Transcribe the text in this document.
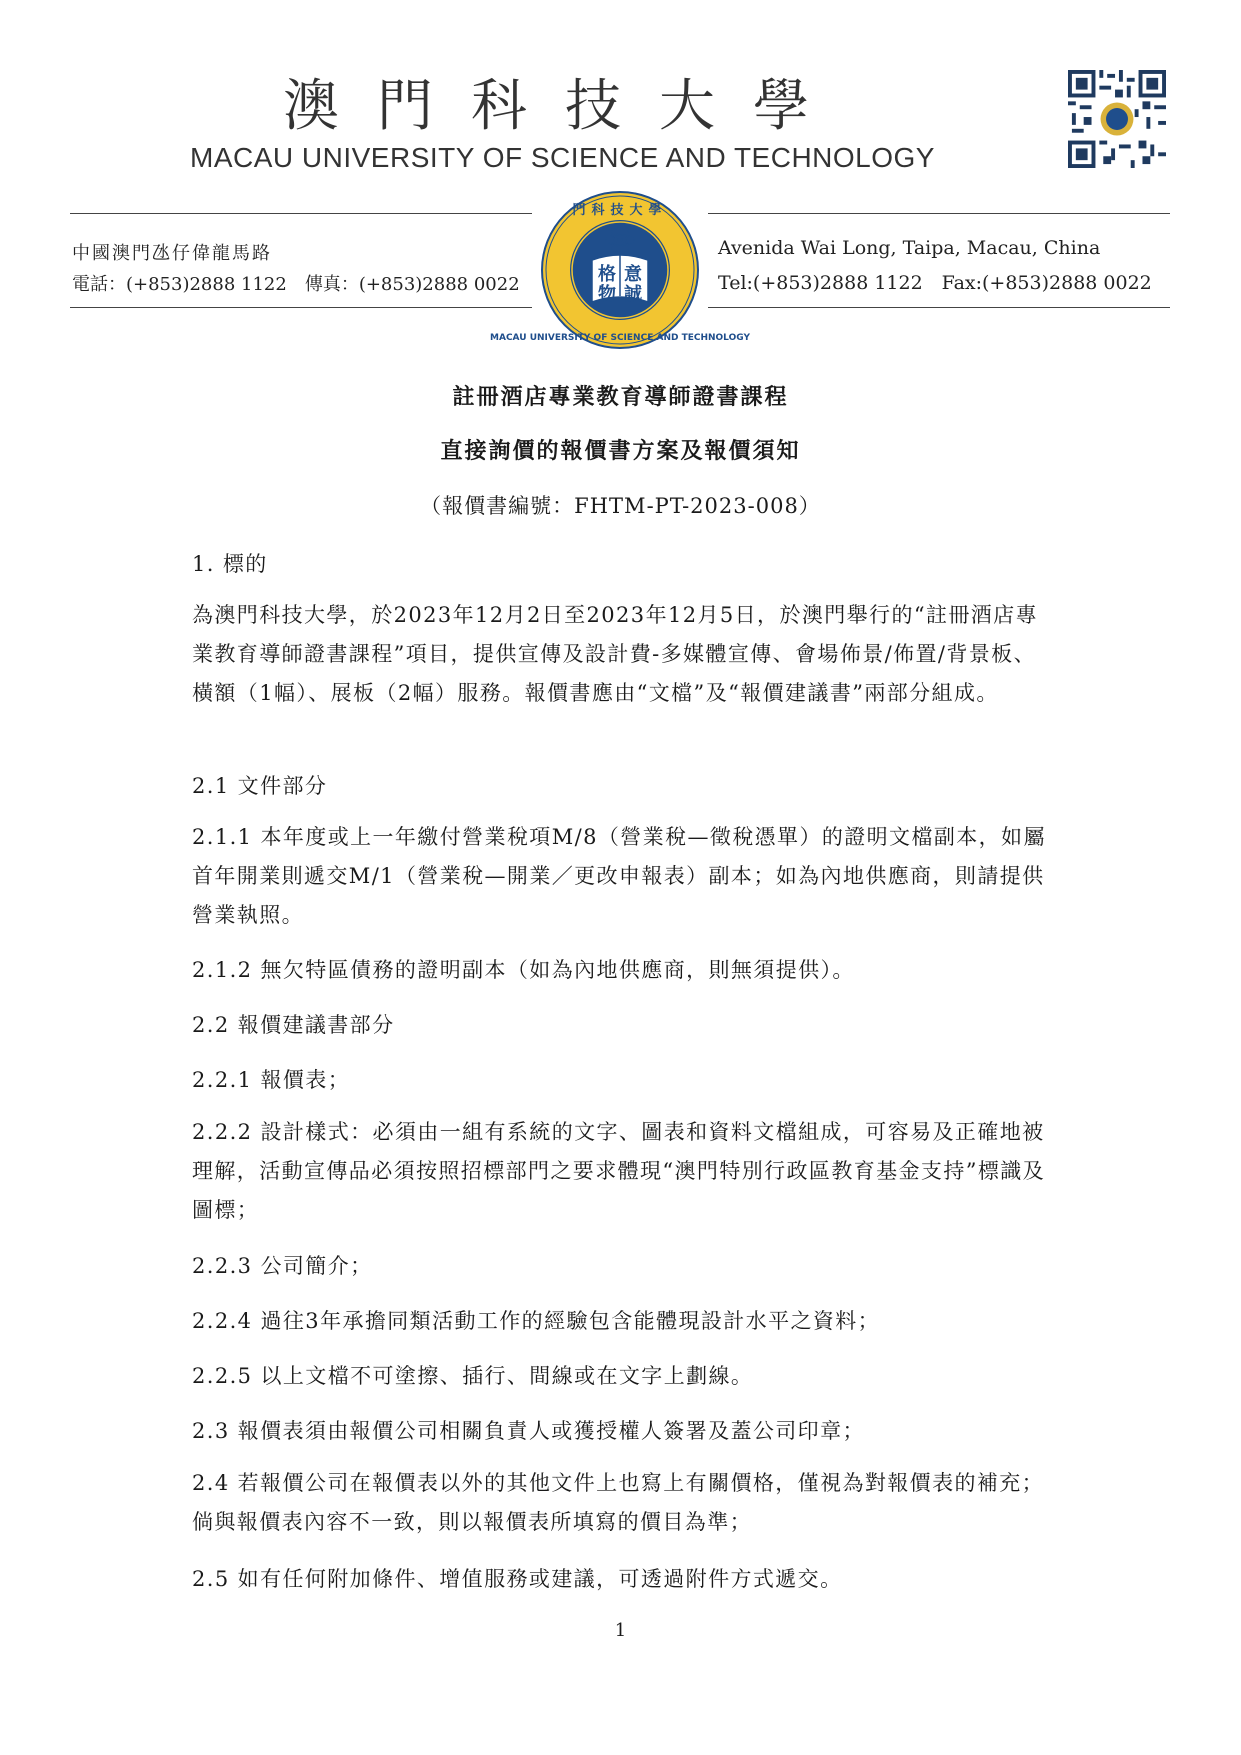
澳門科技大學
MACAU UNIVERSITY OF SCIENCE AND TECHNOLOGY
門科技大學
MACAU UNIVERSITY OF SCIENCE AND TECHNOLOGY
格 意
物 誠
中國澳門氹仔偉龍馬路
電話：(+853)2888 1122　傳真：(+853)2888 0022
Avenida Wai Long, Taipa, Macau, China
Tel:(+853)2888 1122　Fax:(+853)2888 0022
註冊酒店專業教育導師證書課程
直接詢價的報價書方案及報價須知
（報價書編號：FHTM-PT-2023-008）
1. 標的

為澳門科技大學，於2023年12月2日至2023年12月5日，於澳門舉行的“註冊酒店專業教育導師證書課程”項目，提供宣傳及設計費-多媒體宣傳、會場佈景/佈置/背景板、橫額（1幅）、展板（2幅）服務。報價書應由“文檔”及“報價建議書”兩部分組成。

2.1 文件部分

2.1.1 本年度或上一年繳付營業稅項M/8（營業稅—徵稅憑單）的證明文檔副本，如屬首年開業則遞交M/1（營業稅—開業／更改申報表）副本；如為內地供應商，則請提供營業執照。

2.1.2 無欠特區債務的證明副本（如為內地供應商，則無須提供）。
2.2 報價建議書部分
2.2.1 報價表；

2.2.2 設計樣式：必須由一組有系統的文字、圖表和資料文檔組成，可容易及正確地被理解，活動宣傳品必須按照招標部門之要求體現“澳門特別行政區教育基金支持”標識及圖標；

2.2.3 公司簡介；
2.2.4 過往3年承擔同類活動工作的經驗包含能體現設計水平之資料；
2.2.5 以上文檔不可塗擦、插行、間線或在文字上劃線。
2.3 報價表須由報價公司相關負責人或獲授權人簽署及蓋公司印章；

2.4 若報價公司在報價表以外的其他文件上也寫上有關價格，僅視為對報價表的補充；倘與報價表內容不一致，則以報價表所填寫的價目為準；

2.5 如有任何附加條件、增值服務或建議，可透過附件方式遞交。
1
